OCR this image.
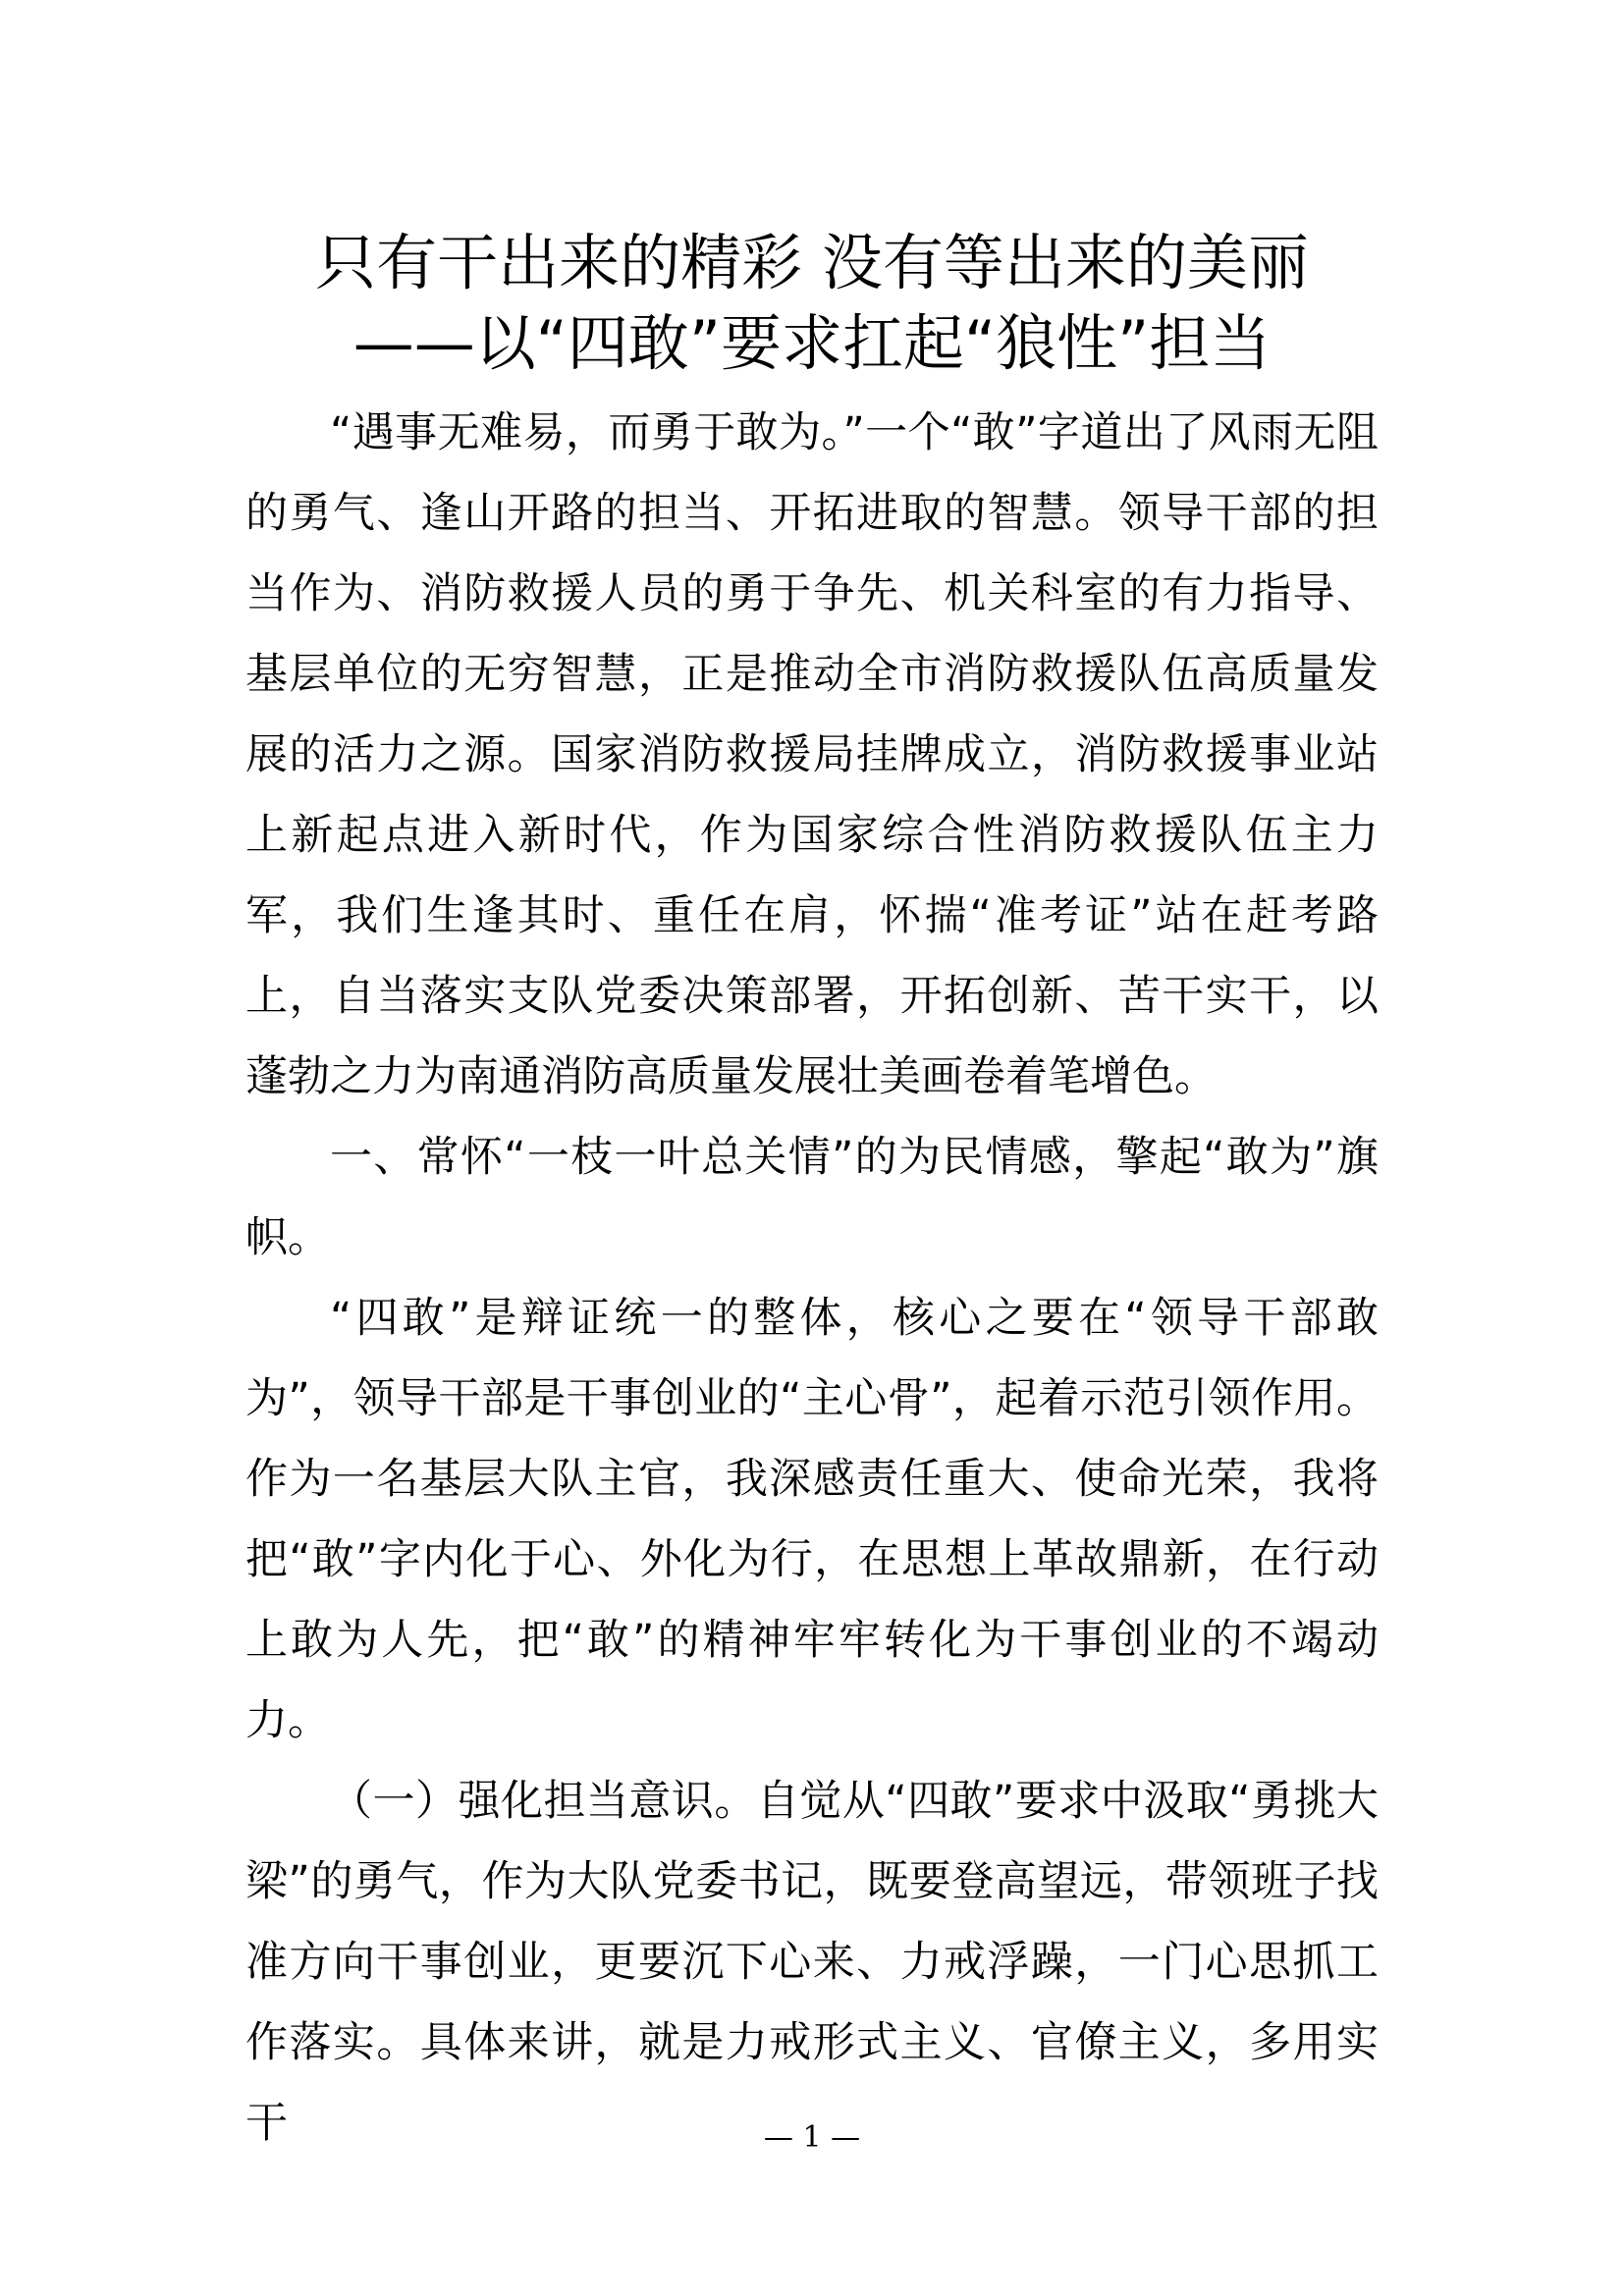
只有干出来的精彩 没有等出来的美丽
——以“四敢”要求扛起“狼性”担当

“遇事无难易，而勇于敢为。”一个“敢”字道出了风雨无阻的勇气、逢山开路的担当、开拓进取的智慧。领导干部的担当作为、消防救援人员的勇于争先、机关科室的有力指导、基层单位的无穷智慧，正是推动全市消防救援队伍高质量发展的活力之源。国家消防救援局挂牌成立，消防救援事业站上新起点进入新时代，作为国家综合性消防救援队伍主力军，我们生逢其时、重任在肩，怀揣“准考证”站在赶考路上，自当落实支队党委决策部署，开拓创新、苦干实干，以蓬勃之力为南通消防高质量发展壮美画卷着笔增色。

一、常怀“一枝一叶总关情”的为民情感，擎起“敢为”旗帜。

“四敢”是辩证统一的整体，核心之要在“领导干部敢为”，领导干部是干事创业的“主心骨”，起着示范引领作用。作为一名基层大队主官，我深感责任重大、使命光荣，我将把“敢”字内化于心、外化为行，在思想上革故鼎新，在行动上敢为人先，把“敢”的精神牢牢转化为干事创业的不竭动力。

（一）强化担当意识。自觉从“四敢”要求中汲取“勇挑大梁”的勇气，作为大队党委书记，既要登高望远，带领班子找准方向干事创业，更要沉下心来、力戒浮躁，一门心思抓工作落实。具体来讲，就是力戒形式主义、官僚主义，多用实干	— 1 —
